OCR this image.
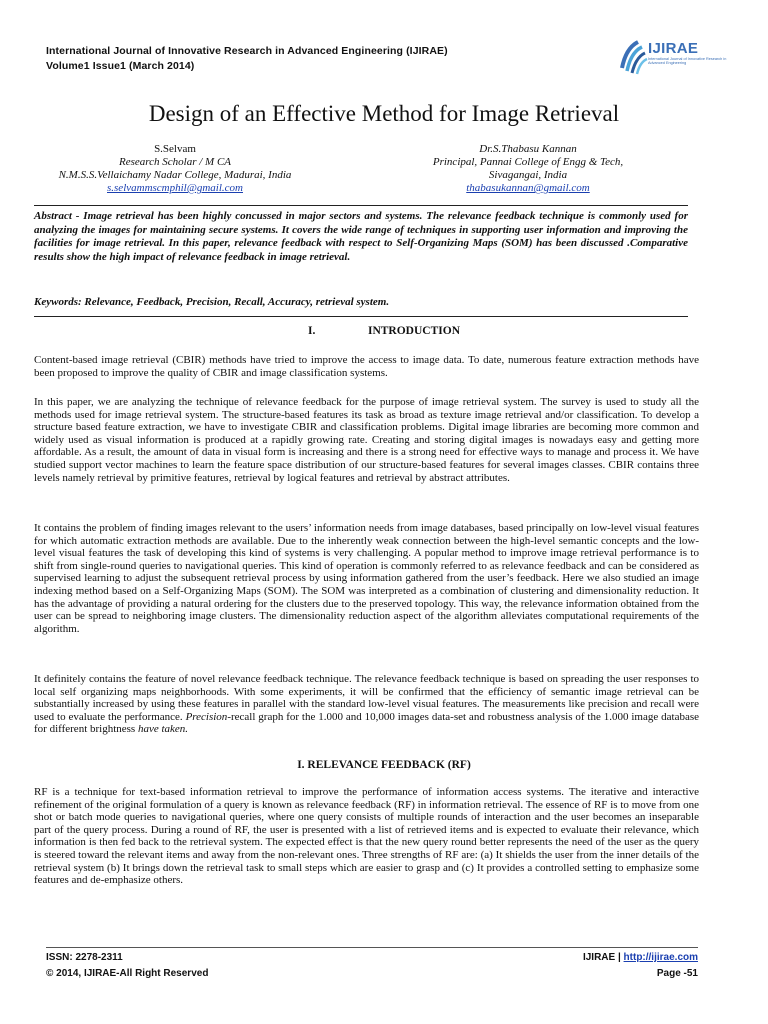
International Journal of Innovative Research in Advanced Engineering (IJIRAE)
Volume1 Issue1 (March 2014)
IJIRAE
International Journal of Innovative Research in Advanced Engineering
Design of an Effective Method for Image Retrieval
S.Selvam
Research Scholar / M CA
N.M.S.S.Vellaichamy Nadar College, Madurai, India
s.selvammscmphil@gmail.com
Dr.S.Thabasu Kannan
Principal, Pannai College of Engg & Tech,
Sivagangai, India
thabasukannan@gmail.com
Abstract - Image retrieval has been highly concussed in major sectors and systems. The relevance feedback technique is commonly used for analyzing the images for maintaining secure systems. It covers the wide range of techniques in supporting user information and improving the facilities for image retrieval. In this paper, relevance feedback with respect to Self-Organizing Maps (SOM) has been discussed .Comparative results show the high impact of relevance feedback in image retrieval.
Keywords: Relevance, Feedback, Precision, Recall, Accuracy, retrieval system.
I.	INTRODUCTION
Content-based image retrieval (CBIR) methods have tried to improve the access to image data. To date, numerous feature extraction methods have been proposed to improve the quality of CBIR and image classification systems.
In this paper, we are analyzing the technique of relevance feedback for the purpose of image retrieval system. The survey is used to study all the methods used for image retrieval system. The structure-based features its task as broad as texture image retrieval and/or classification. To develop a structure based feature extraction, we have to investigate CBIR and classification problems. Digital image libraries are becoming more common and widely used as visual information is produced at a rapidly growing rate. Creating and storing digital images is nowadays easy and getting more affordable. As a result, the amount of data in visual form is increasing and there is a strong need for effective ways to manage and process it. We have studied support vector machines to learn the feature space distribution of our structure-based features for several images classes. CBIR contains three levels namely retrieval by primitive features, retrieval by logical features and retrieval by abstract attributes.
It contains the problem of finding images relevant to the users’ information needs from image databases, based principally on low-level visual features for which automatic extraction methods are available. Due to the inherently weak connection between the high-level semantic concepts and the low-level visual features the task of developing this kind of systems is very challenging. A popular method to improve image retrieval performance is to shift from single-round queries to navigational queries. This kind of operation is commonly referred to as relevance feedback and can be considered as supervised learning to adjust the subsequent retrieval process by using information gathered from the user’s feedback. Here we also studied an image indexing method based on a Self-Organizing Maps (SOM). The SOM was interpreted as a combination of clustering and dimensionality reduction. It has the advantage of providing a natural ordering for the clusters due to the preserved topology. This way, the relevance information obtained from the user can be spread to neighboring image clusters. The dimensionality reduction aspect of the algorithm alleviates computational requirements of the algorithm.
It definitely contains the feature of novel relevance feedback technique. The relevance feedback technique is based on spreading the user responses to local self organizing maps neighborhoods. With some experiments, it will be confirmed that the efficiency of semantic image retrieval can be substantially increased by using these features in parallel with the standard low-level visual features. The measurements like precision and recall were used to evaluate the performance. Precision-recall graph for the 1.000 and 10,000 images data-set and robustness analysis of the 1.000 image database for different brightness have taken.
I. RELEVANCE FEEDBACK (RF)
RF is a technique for text-based information retrieval to improve the performance of information access systems. The iterative and interactive refinement of the original formulation of a query is known as relevance feedback (RF) in information retrieval. The essence of RF is to move from one shot or batch mode queries to navigational queries, where one query consists of multiple rounds of interaction and the user becomes an inseparable part of the query process. During a round of RF, the user is presented with a list of retrieved items and is expected to evaluate their relevance, which information is then fed back to the retrieval system. The expected effect is that the new query round better represents the need of the user as the query is steered toward the relevant items and away from the non-relevant ones. Three strengths of RF are: (a) It shields the user from the inner details of the retrieval system (b) It brings down the retrieval task to small steps which are easier to grasp and (c) It provides a controlled setting to emphasize some features and de-emphasize others.
ISSN: 2278-2311
© 2014, IJIRAE-All Right Reserved
IJIRAE | http://ijirae.com
Page -51
